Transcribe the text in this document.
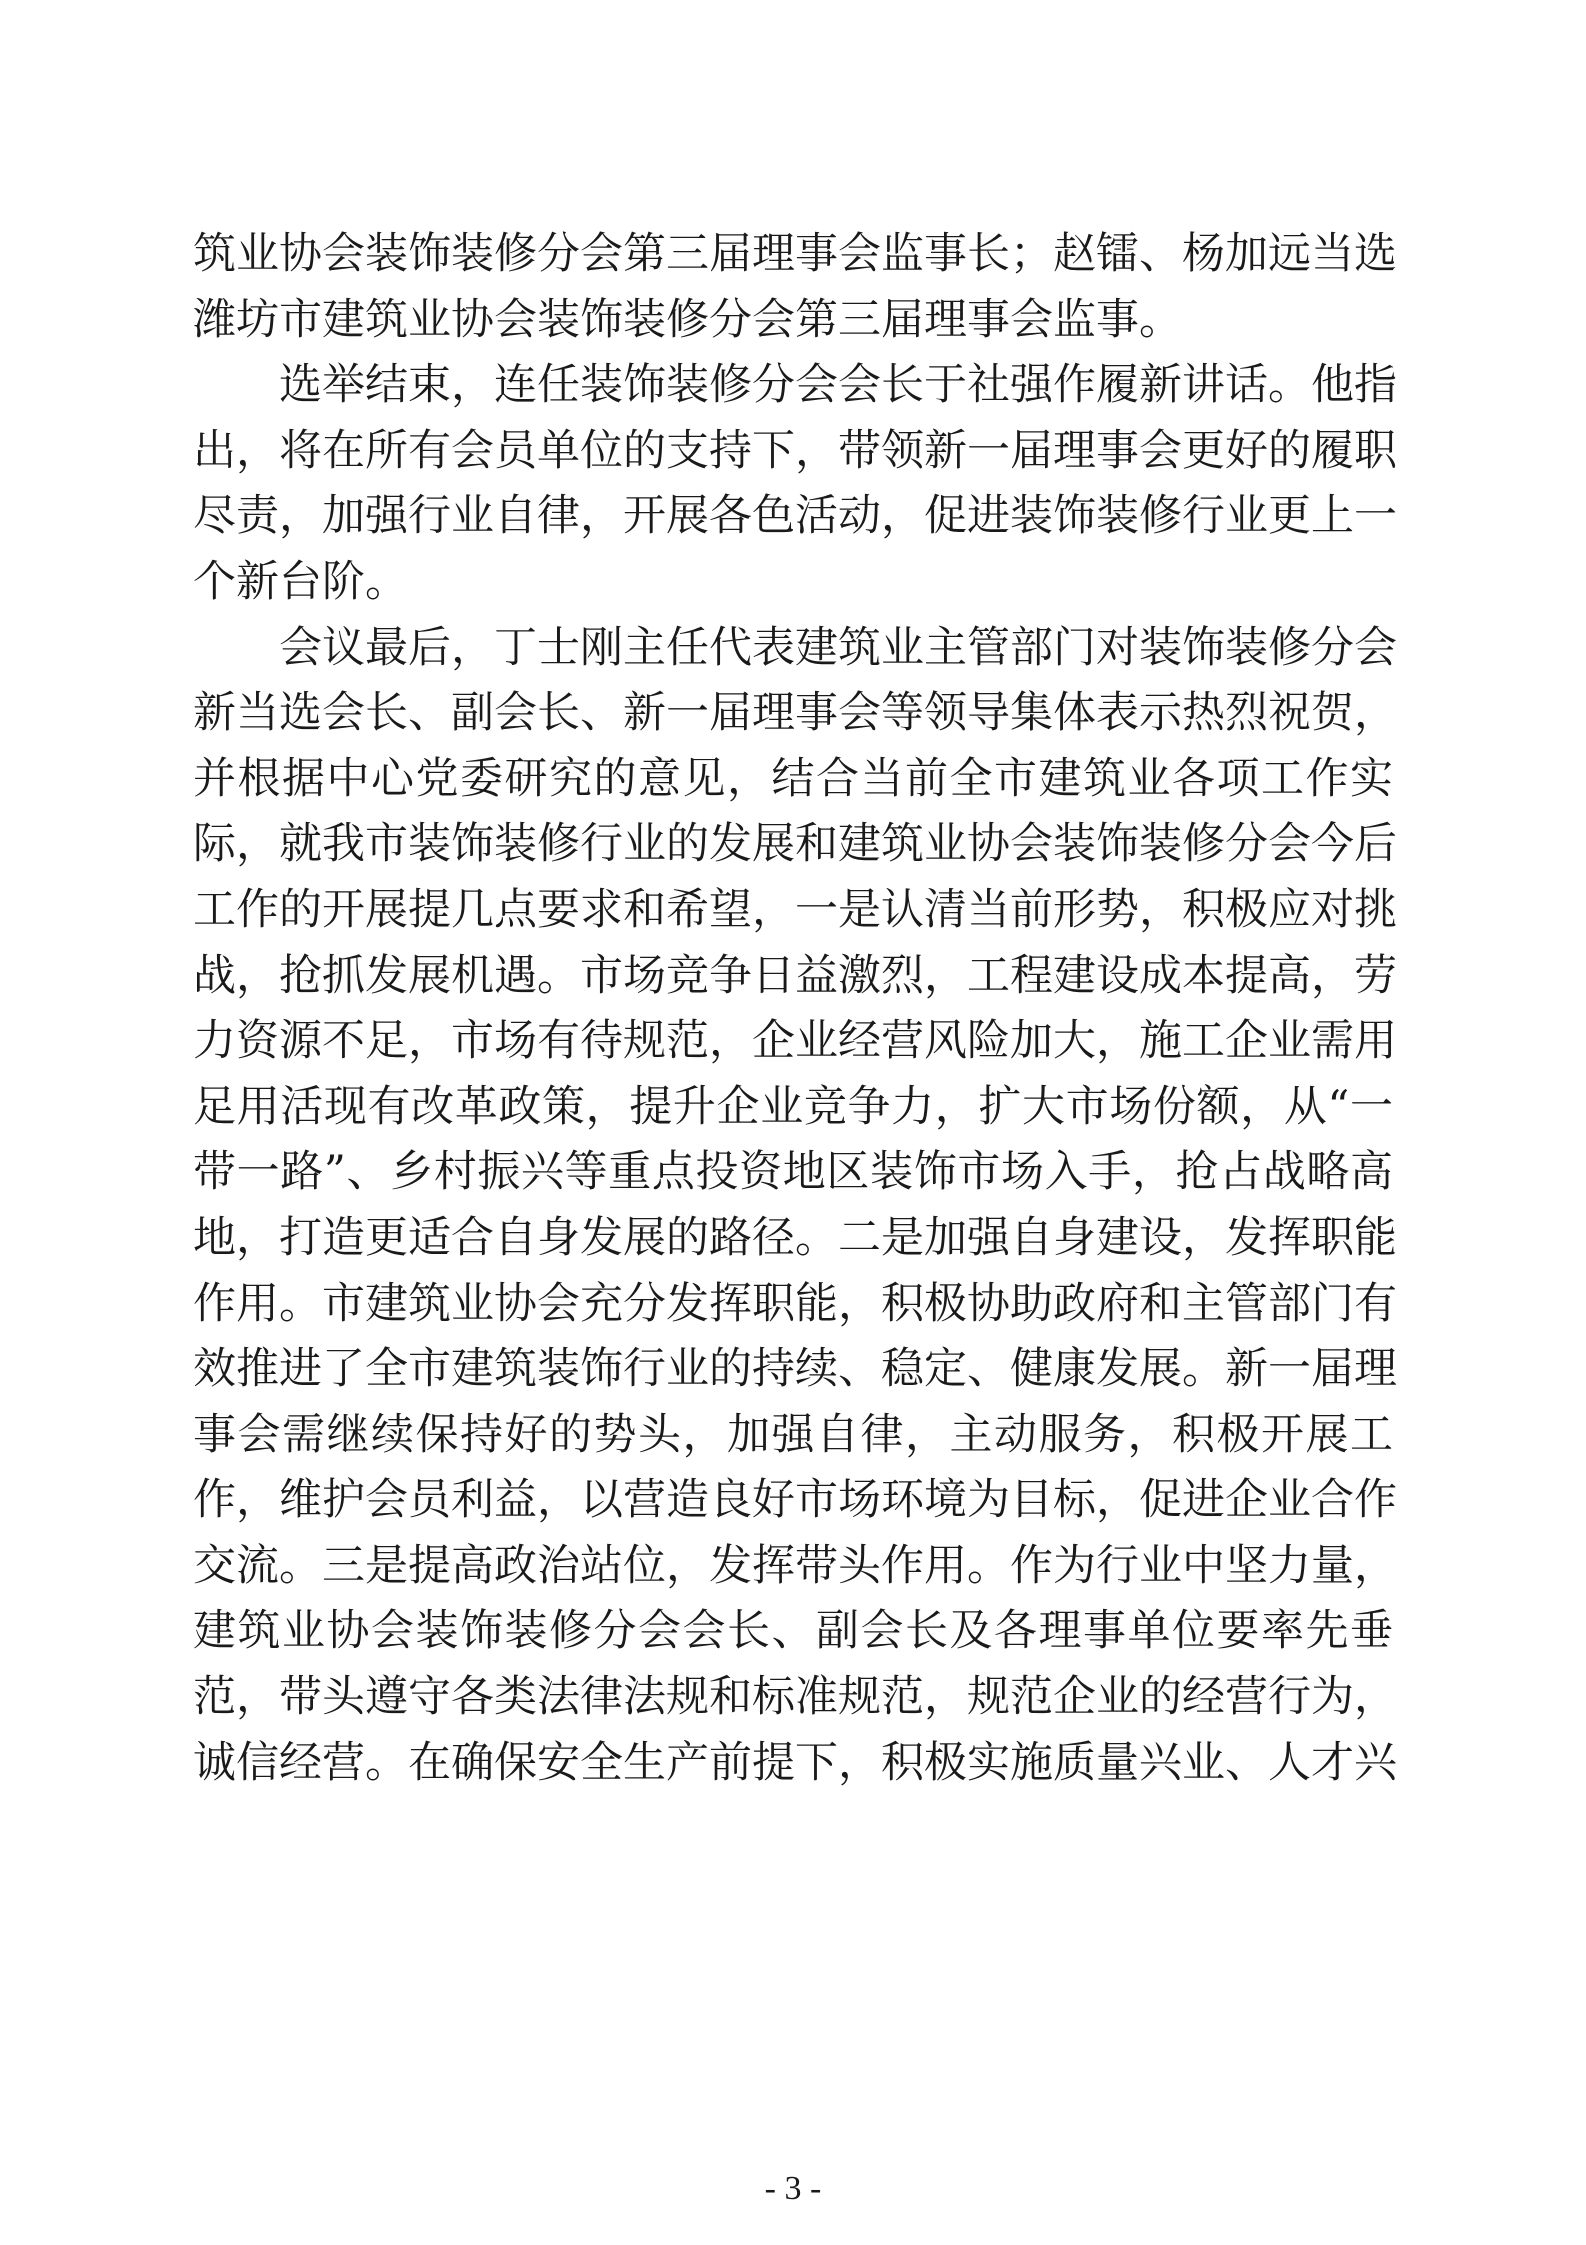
筑业协会装饰装修分会第三届理事会监事长；赵镭、杨加远当选
潍坊市建筑业协会装饰装修分会第三届理事会监事。
选举结束，连任装饰装修分会会长于社强作履新讲话。他指
出，将在所有会员单位的支持下，带领新一届理事会更好的履职
尽责，加强行业自律，开展各色活动，促进装饰装修行业更上一
个新台阶。
会议最后，丁士刚主任代表建筑业主管部门对装饰装修分会
新当选会长、副会长、新一届理事会等领导集体表示热烈祝贺，
并根据中心党委研究的意见，结合当前全市建筑业各项工作实
际，就我市装饰装修行业的发展和建筑业协会装饰装修分会今后
工作的开展提几点要求和希望，一是认清当前形势，积极应对挑
战，抢抓发展机遇。市场竞争日益激烈，工程建设成本提高，劳
力资源不足，市场有待规范，企业经营风险加大，施工企业需用
足用活现有改革政策，提升企业竞争力，扩大市场份额，从“一
带一路”、乡村振兴等重点投资地区装饰市场入手，抢占战略高
地，打造更适合自身发展的路径。二是加强自身建设，发挥职能
作用。市建筑业协会充分发挥职能，积极协助政府和主管部门有
效推进了全市建筑装饰行业的持续、稳定、健康发展。新一届理
事会需继续保持好的势头，加强自律，主动服务，积极开展工
作，维护会员利益，以营造良好市场环境为目标，促进企业合作
交流。三是提高政治站位，发挥带头作用。作为行业中坚力量，
建筑业协会装饰装修分会会长、副会长及各理事单位要率先垂
范，带头遵守各类法律法规和标准规范，规范企业的经营行为，
诚信经营。在确保安全生产前提下，积极实施质量兴业、人才兴
- 3 -
